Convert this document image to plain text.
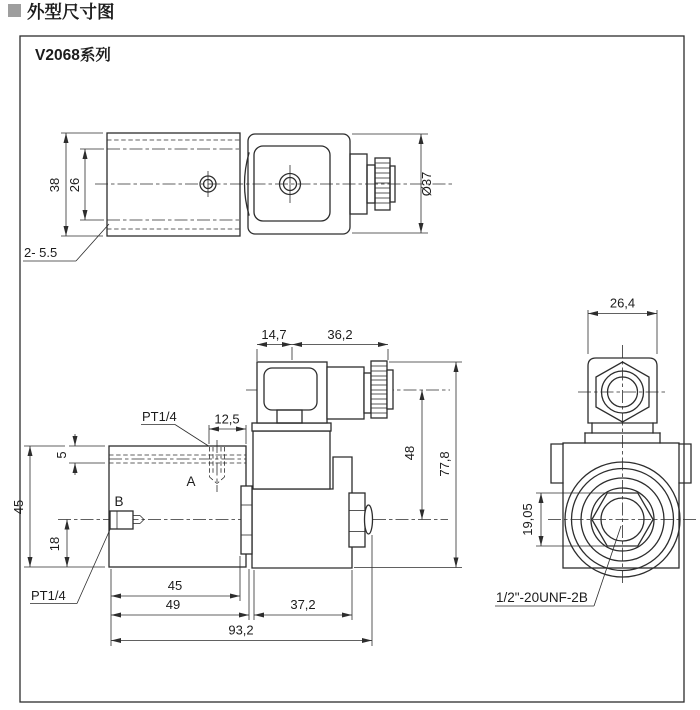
外型尺寸图
V2068系列
38 26	Ø37
2- 5.5
A
B
14,7	36,2
12,5
PT1/4
5
45
18
48 77,8
45
49	37,2
93,2
PT1/4
26,4
19,05
1/2"-20UNF-2B
